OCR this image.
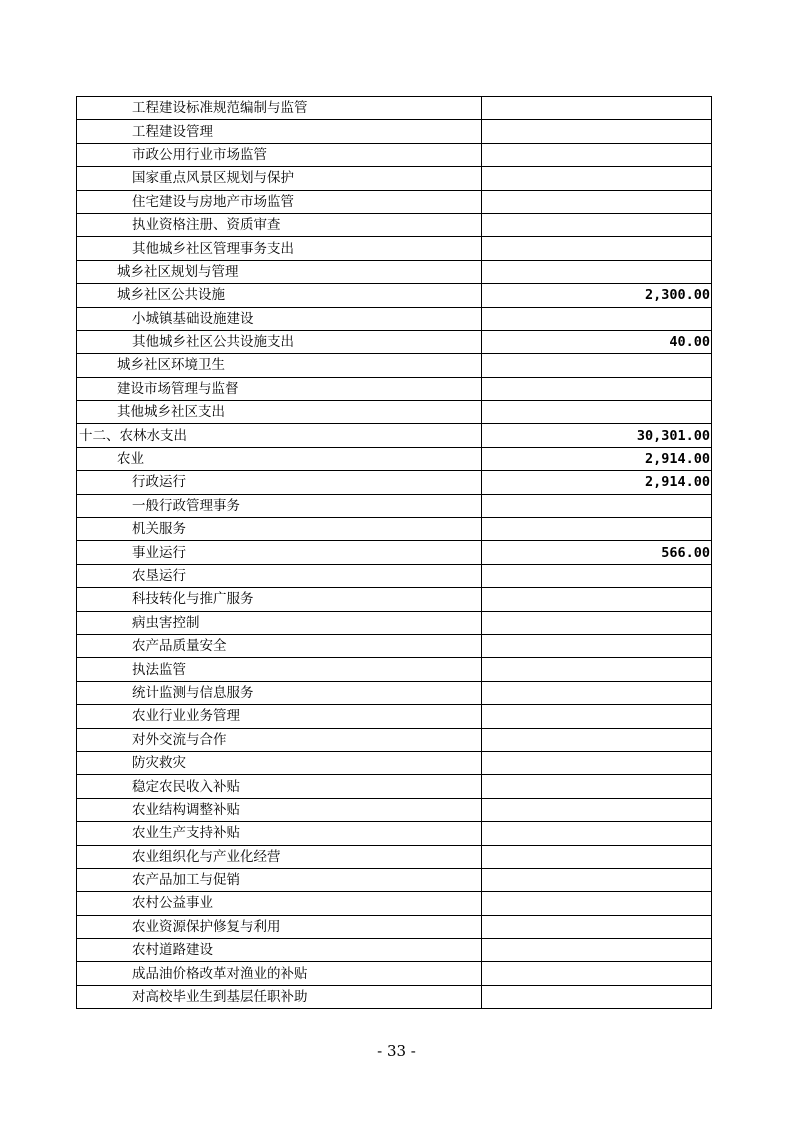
工程建设标准规范编制与监管	
工程建设管理	
市政公用行业市场监管	
国家重点风景区规划与保护	
住宅建设与房地产市场监管	
执业资格注册、资质审查	
其他城乡社区管理事务支出	
城乡社区规划与管理	
城乡社区公共设施	2,300.00
小城镇基础设施建设	
其他城乡社区公共设施支出	40.00
城乡社区环境卫生	
建设市场管理与监督	
其他城乡社区支出	
十二、农林水支出	30,301.00
农业	2,914.00
行政运行	2,914.00
一般行政管理事务	
机关服务	
事业运行	566.00
农垦运行	
科技转化与推广服务	
病虫害控制	
农产品质量安全	
执法监管	
统计监测与信息服务	
农业行业业务管理	
对外交流与合作	
防灾救灾	
稳定农民收入补贴	
农业结构调整补贴	
农业生产支持补贴	
农业组织化与产业化经营	
农产品加工与促销	
农村公益事业	
农业资源保护修复与利用	
农村道路建设	
成品油价格改革对渔业的补贴	
对高校毕业生到基层任职补助	
- 33 -
